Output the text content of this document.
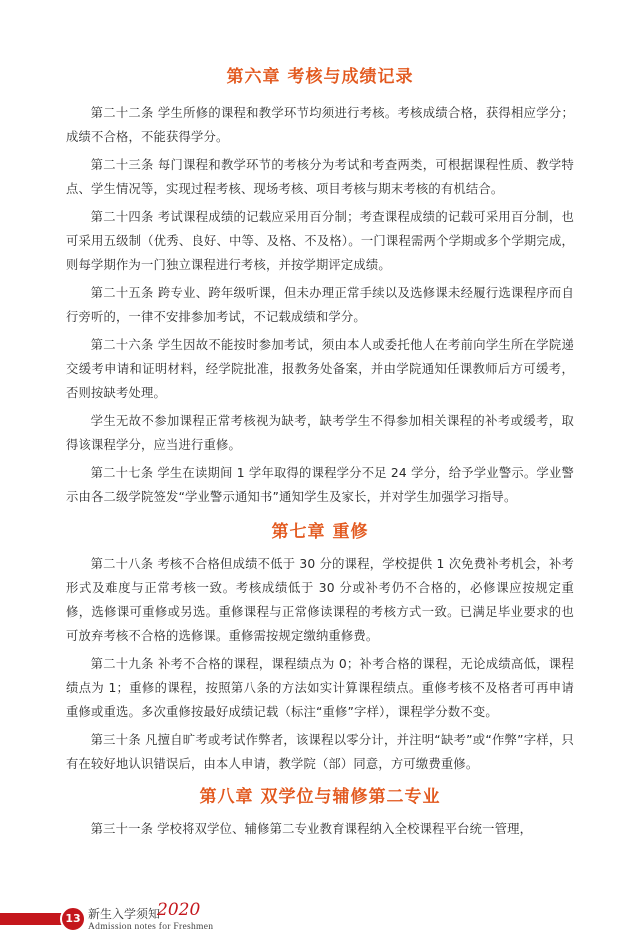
第六章 考核与成绩记录

第二十二条 学生所修的课程和教学环节均须进行考核。考核成绩合格，获得相应学分；成绩不合格，不能获得学分。

第二十三条 每门课程和教学环节的考核分为考试和考查两类，可根据课程性质、教学特点、学生情况等，实现过程考核、现场考核、项目考核与期末考核的有机结合。

第二十四条 考试课程成绩的记载应采用百分制；考查课程成绩的记载可采用百分制，也可采用五级制（优秀、良好、中等、及格、不及格）。一门课程需两个学期或多个学期完成，则每学期作为一门独立课程进行考核，并按学期评定成绩。

第二十五条 跨专业、跨年级听课，但未办理正常手续以及选修课未经履行选课程序而自行旁听的，一律不安排参加考试，不记载成绩和学分。

第二十六条 学生因故不能按时参加考试，须由本人或委托他人在考前向学生所在学院递交缓考申请和证明材料，经学院批准，报教务处备案，并由学院通知任课教师后方可缓考，否则按缺考处理。

学生无故不参加课程正常考核视为缺考，缺考学生不得参加相关课程的补考或缓考，取得该课程学分，应当进行重修。

第二十七条 学生在读期间 1 学年取得的课程学分不足 24 学分，给予学业警示。学业警示由各二级学院签发“学业警示通知书”通知学生及家长，并对学生加强学习指导。

第七章 重修

第二十八条 考核不合格但成绩不低于 30 分的课程，学校提供 1 次免费补考机会，补考形式及难度与正常考核一致。考核成绩低于 30 分或补考仍不合格的，必修课应按规定重修，选修课可重修或另选。重修课程与正常修读课程的考核方式一致。已满足毕业要求的也可放弃考核不合格的选修课。重修需按规定缴纳重修费。

第二十九条 补考不合格的课程，课程绩点为 0；补考合格的课程，无论成绩高低，课程绩点为 1；重修的课程，按照第八条的方法如实计算课程绩点。重修考核不及格者可再申请重修或重选。多次重修按最好成绩记载（标注“重修”字样），课程学分数不变。

第三十条 凡擅自旷考或考试作弊者，该课程以零分计，并注明“缺考”或“作弊”字样，只有在较好地认识错误后，由本人申请，教学院（部）同意，方可缴费重修。

第八章 双学位与辅修第二专业

第三十一条 学校将双学位、辅修第二专业教育课程纳入全校课程平台统一管理，

13 新生入学须知
2020
Admission notes for Freshmen
